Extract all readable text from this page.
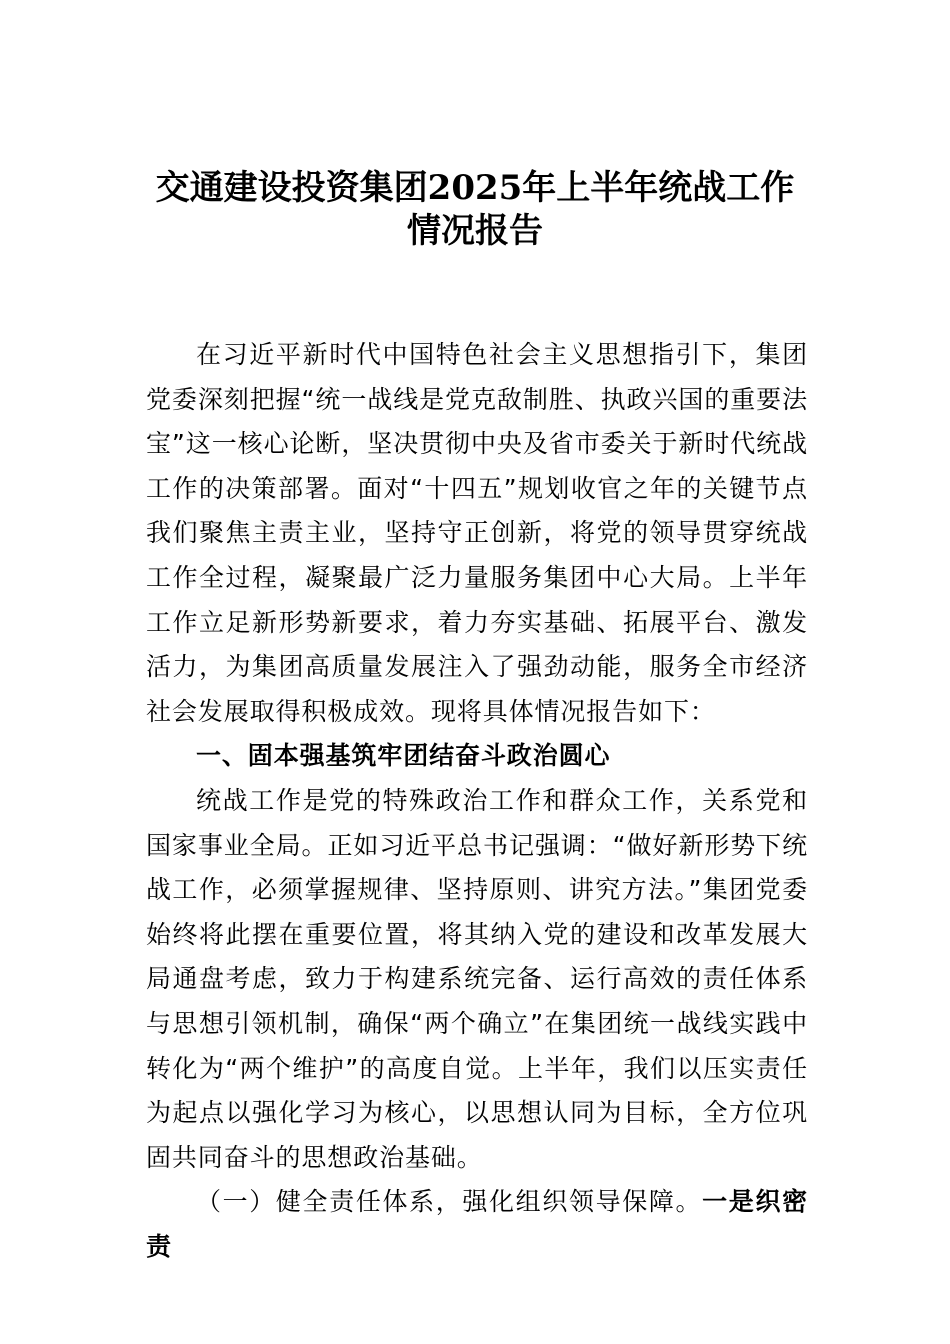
交通建设投资集团2025年上半年统战工作
情况报告

在习近平新时代中国特色社会主义思想指引下，集团党委深刻把握“统一战线是党克敌制胜、执政兴国的重要法宝”这一核心论断，坚决贯彻中央及省市委关于新时代统战工作的决策部署。面对“十四五”规划收官之年的关键节点我们聚焦主责主业，坚持守正创新，将党的领导贯穿统战工作全过程，凝聚最广泛力量服务集团中心大局。上半年工作立足新形势新要求，着力夯实基础、拓展平台、激发活力，为集团高质量发展注入了强劲动能，服务全市经济社会发展取得积极成效。现将具体情况报告如下：

一、固本强基筑牢团结奋斗政治圆心

统战工作是党的特殊政治工作和群众工作，关系党和国家事业全局。正如习近平总书记强调：“做好新形势下统战工作，必须掌握规律、坚持原则、讲究方法。”集团党委始终将此摆在重要位置，将其纳入党的建设和改革发展大局通盘考虑，致力于构建系统完备、运行高效的责任体系与思想引领机制，确保“两个确立”在集团统一战线实践中转化为“两个维护”的高度自觉。上半年，我们以压实责任为起点以强化学习为核心，以思想认同为目标，全方位巩固共同奋斗的思想政治基础。

（一）健全责任体系，强化组织领导保障。一是织密责
